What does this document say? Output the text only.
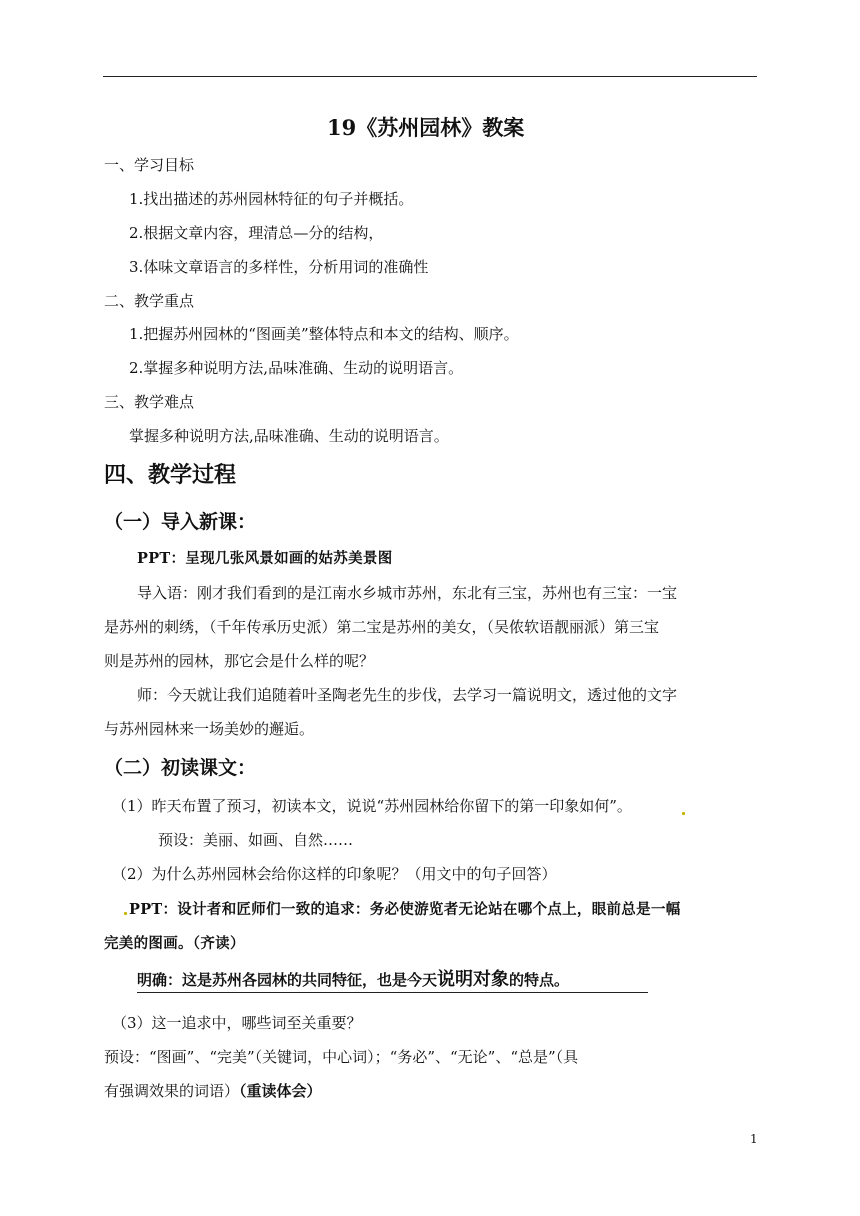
19《苏州园林》教案
一、学习目标
1.找出描述的苏州园林特征的句子并概括。
2.根据文章内容，理清总—分的结构，
3.体味文章语言的多样性，分析用词的准确性
二、教学重点
1.把握苏州园林的“图画美”整体特点和本文的结构、顺序。
2.掌握多种说明方法,品味准确、生动的说明语言。
三、教学难点
掌握多种说明方法,品味准确、生动的说明语言。
四、教学过程
（一）导入新课：
PPT：呈现几张风景如画的姑苏美景图
导入语：刚才我们看到的是江南水乡城市苏州，东北有三宝，苏州也有三宝：一宝
是苏州的刺绣，（千年传承历史派）第二宝是苏州的美女，（吴侬软语靓丽派）第三宝
则是苏州的园林，那它会是什么样的呢？
师：今天就让我们追随着叶圣陶老先生的步伐，去学习一篇说明文，透过他的文字
与苏州园林来一场美妙的邂逅。
（二）初读课文：
（1）昨天布置了预习，初读本文，说说“苏州园林给你留下的第一印象如何”。
预设：美丽、如画、自然……
（2）为什么苏州园林会给你这样的印象呢？（用文中的句子回答）
PPT：设计者和匠师们一致的追求：务必使游览者无论站在哪个点上，眼前总是一幅
完美的图画。（齐读）
明确：这是苏州各园林的共同特征，也是今天说明对象的特点。
（3）这一追求中，哪些词至关重要？
预设：“图画”、“完美”（关键词，中心词）；“务必”、“无论”、“总是”（具
有强调效果的词语）（重读体会）
1
